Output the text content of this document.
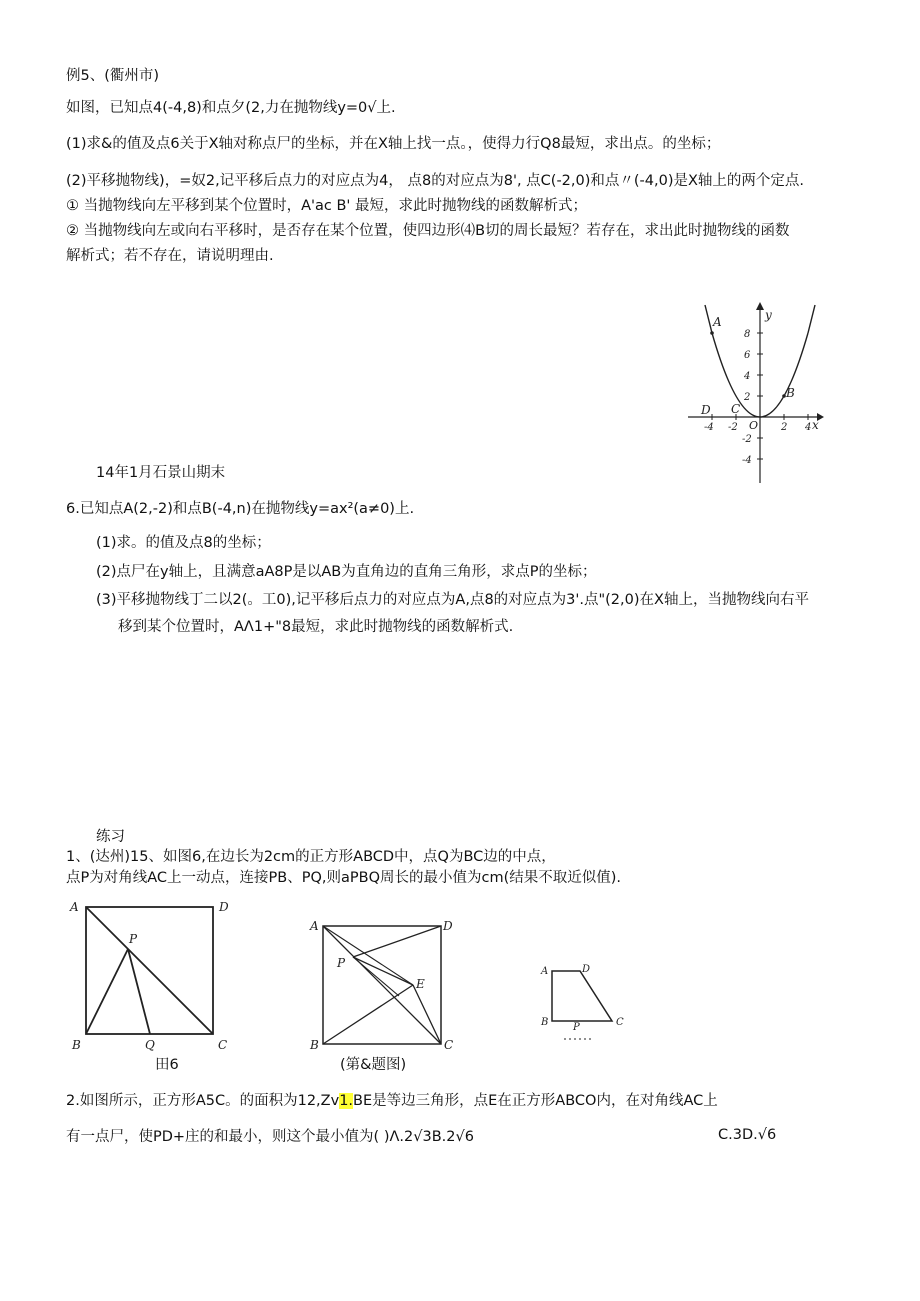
例5、(衢州市)
如图，已知点4(-4,8)和点夕(2,力在抛物线y=0√上.
(1)求&的值及点6关于X轴对称点尸的坐标，并在X轴上找一点。，使得力行Q8最短，求出点。的坐标；
(2)平移抛物线)，=奴2,记平移后点力的对应点为4， 点8的对应点为8', 点C(-2,0)和点〃(-4,0)是X轴上的两个定点.
① 当抛物线向左平移到某个位置时，A'ac B' 最短，求此时抛物线的函数解析式；
② 当抛物线向左或向右平移时，是否存在某个位置，使四边形⑷B切的周长最短？若存在，求出此时抛物线的函数
解析式；若不存在，请说明理由.
y
x
A
B
C
D
O
8
6
4
2
-2
-4
-4 -2	2 4
14年1月石景山期末
6.已知点A(2,-2)和点B(-4,n)在抛物线y=ax²(a≠0)上.
(1)求。的值及点8的坐标；
(2)点尸在y轴上，且满意aA8P是以AB为直角边的直角三角形，求点P的坐标；
(3)平移抛物线丁二以2(。工0),记平移后点力的对应点为A,点8的对应点为3'.点"(2,0)在X轴上，当抛物线向右平
移到某个位置时，AΛ1+"8最短，求此时抛物线的函数解析式.
练习
1、(达州)15、如图6,在边长为2cm的正方形ABCD中，点Q为BC边的中点，
点P为对角线AC上一动点，连接PB、PQ,则aPBQ周长的最小值为cm(结果不取近似值).
A	D
B	C
P
Q
田6
A	D
B	C
P
E
(第&题图)
A	D
B	C
P
2.如图所示，正方形A5C。的面积为12,Zv1.BE是等边三角形，点E在正方形ABCO内，在对角线AC上
有一点尸，使PD+庄的和最小，则这个最小值为( )Λ.2√3B.2√6	C.3D.√6
